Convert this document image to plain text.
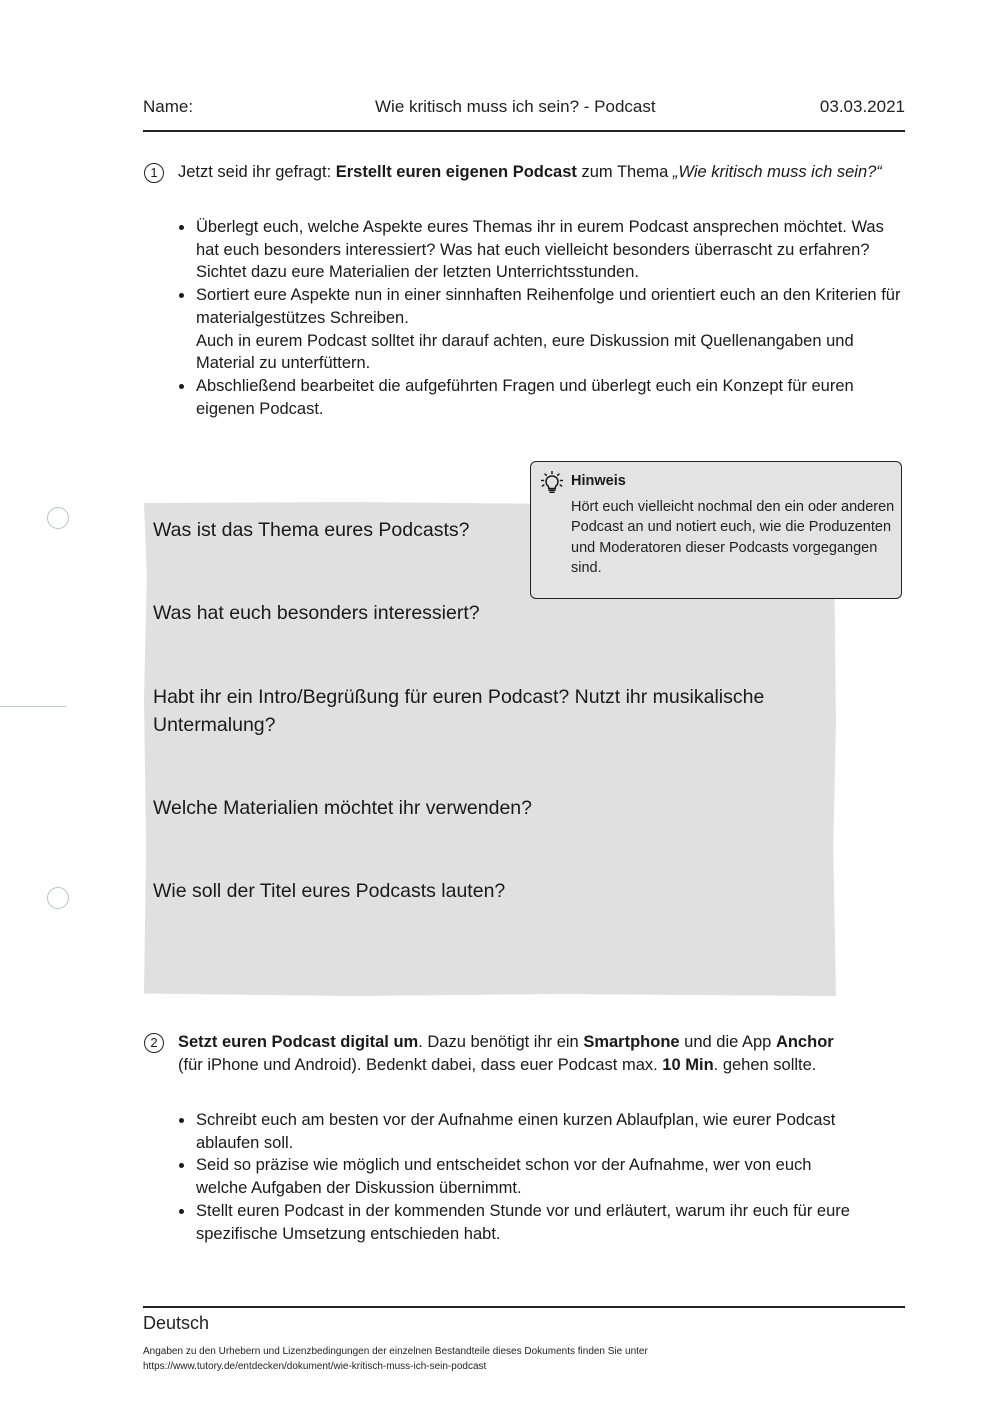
Name:	Wie kritisch muss ich sein? - Podcast	03.03.2021
1	Jetzt seid ihr gefragt: Erstellt euren eigenen Podcast zum Thema „Wie kritisch muss ich sein?“
Überlegt euch, welche Aspekte eures Themas ihr in eurem Podcast ansprechen möchtet. Was hat euch besonders interessiert? Was hat euch vielleicht besonders überrascht zu erfahren? Sichtet dazu eure Materialien der letzten Unterrichtsstunden.
Sortiert eure Aspekte nun in einer sinnhaften Reihenfolge und orientiert euch an den Kriterien für materialgestützes Schreiben.
Auch in eurem Podcast solltet ihr darauf achten, eure Diskussion mit Quellenangaben und Material zu unterfüttern.
Abschließend bearbeitet die aufgeführten Fragen und überlegt euch ein Konzept für euren eigenen Podcast.
Was ist das Thema eures Podcasts?
Was hat euch besonders interessiert?
Habt ihr ein Intro/Begrüßung für euren Podcast? Nutzt ihr musikalische Untermalung?
Welche Materialien möchtet ihr verwenden?
Wie soll der Titel eures Podcasts lauten?
Hinweis
Hört euch vielleicht nochmal den ein oder anderen Podcast an und notiert euch, wie die Produzenten und Moderatoren dieser Podcasts vorgegangen sind.
2	Setzt euren Podcast digital um. Dazu benötigt ihr ein Smartphone und die App Anchor (für iPhone und Android). Bedenkt dabei, dass euer Podcast max. 10 Min. gehen sollte.
Schreibt euch am besten vor der Aufnahme einen kurzen Ablaufplan, wie eurer Podcast ablaufen soll.
Seid so präzise wie möglich und entscheidet schon vor der Aufnahme, wer von euch welche Aufgaben der Diskussion übernimmt.
Stellt euren Podcast in der kommenden Stunde vor und erläutert, warum ihr euch für eure spezifische Umsetzung entschieden habt.
Deutsch
Angaben zu den Urhebern und Lizenzbedingungen der einzelnen Bestandteile dieses Dokuments finden Sie unter
https://www.tutory.de/entdecken/dokument/wie-kritisch-muss-ich-sein-podcast
